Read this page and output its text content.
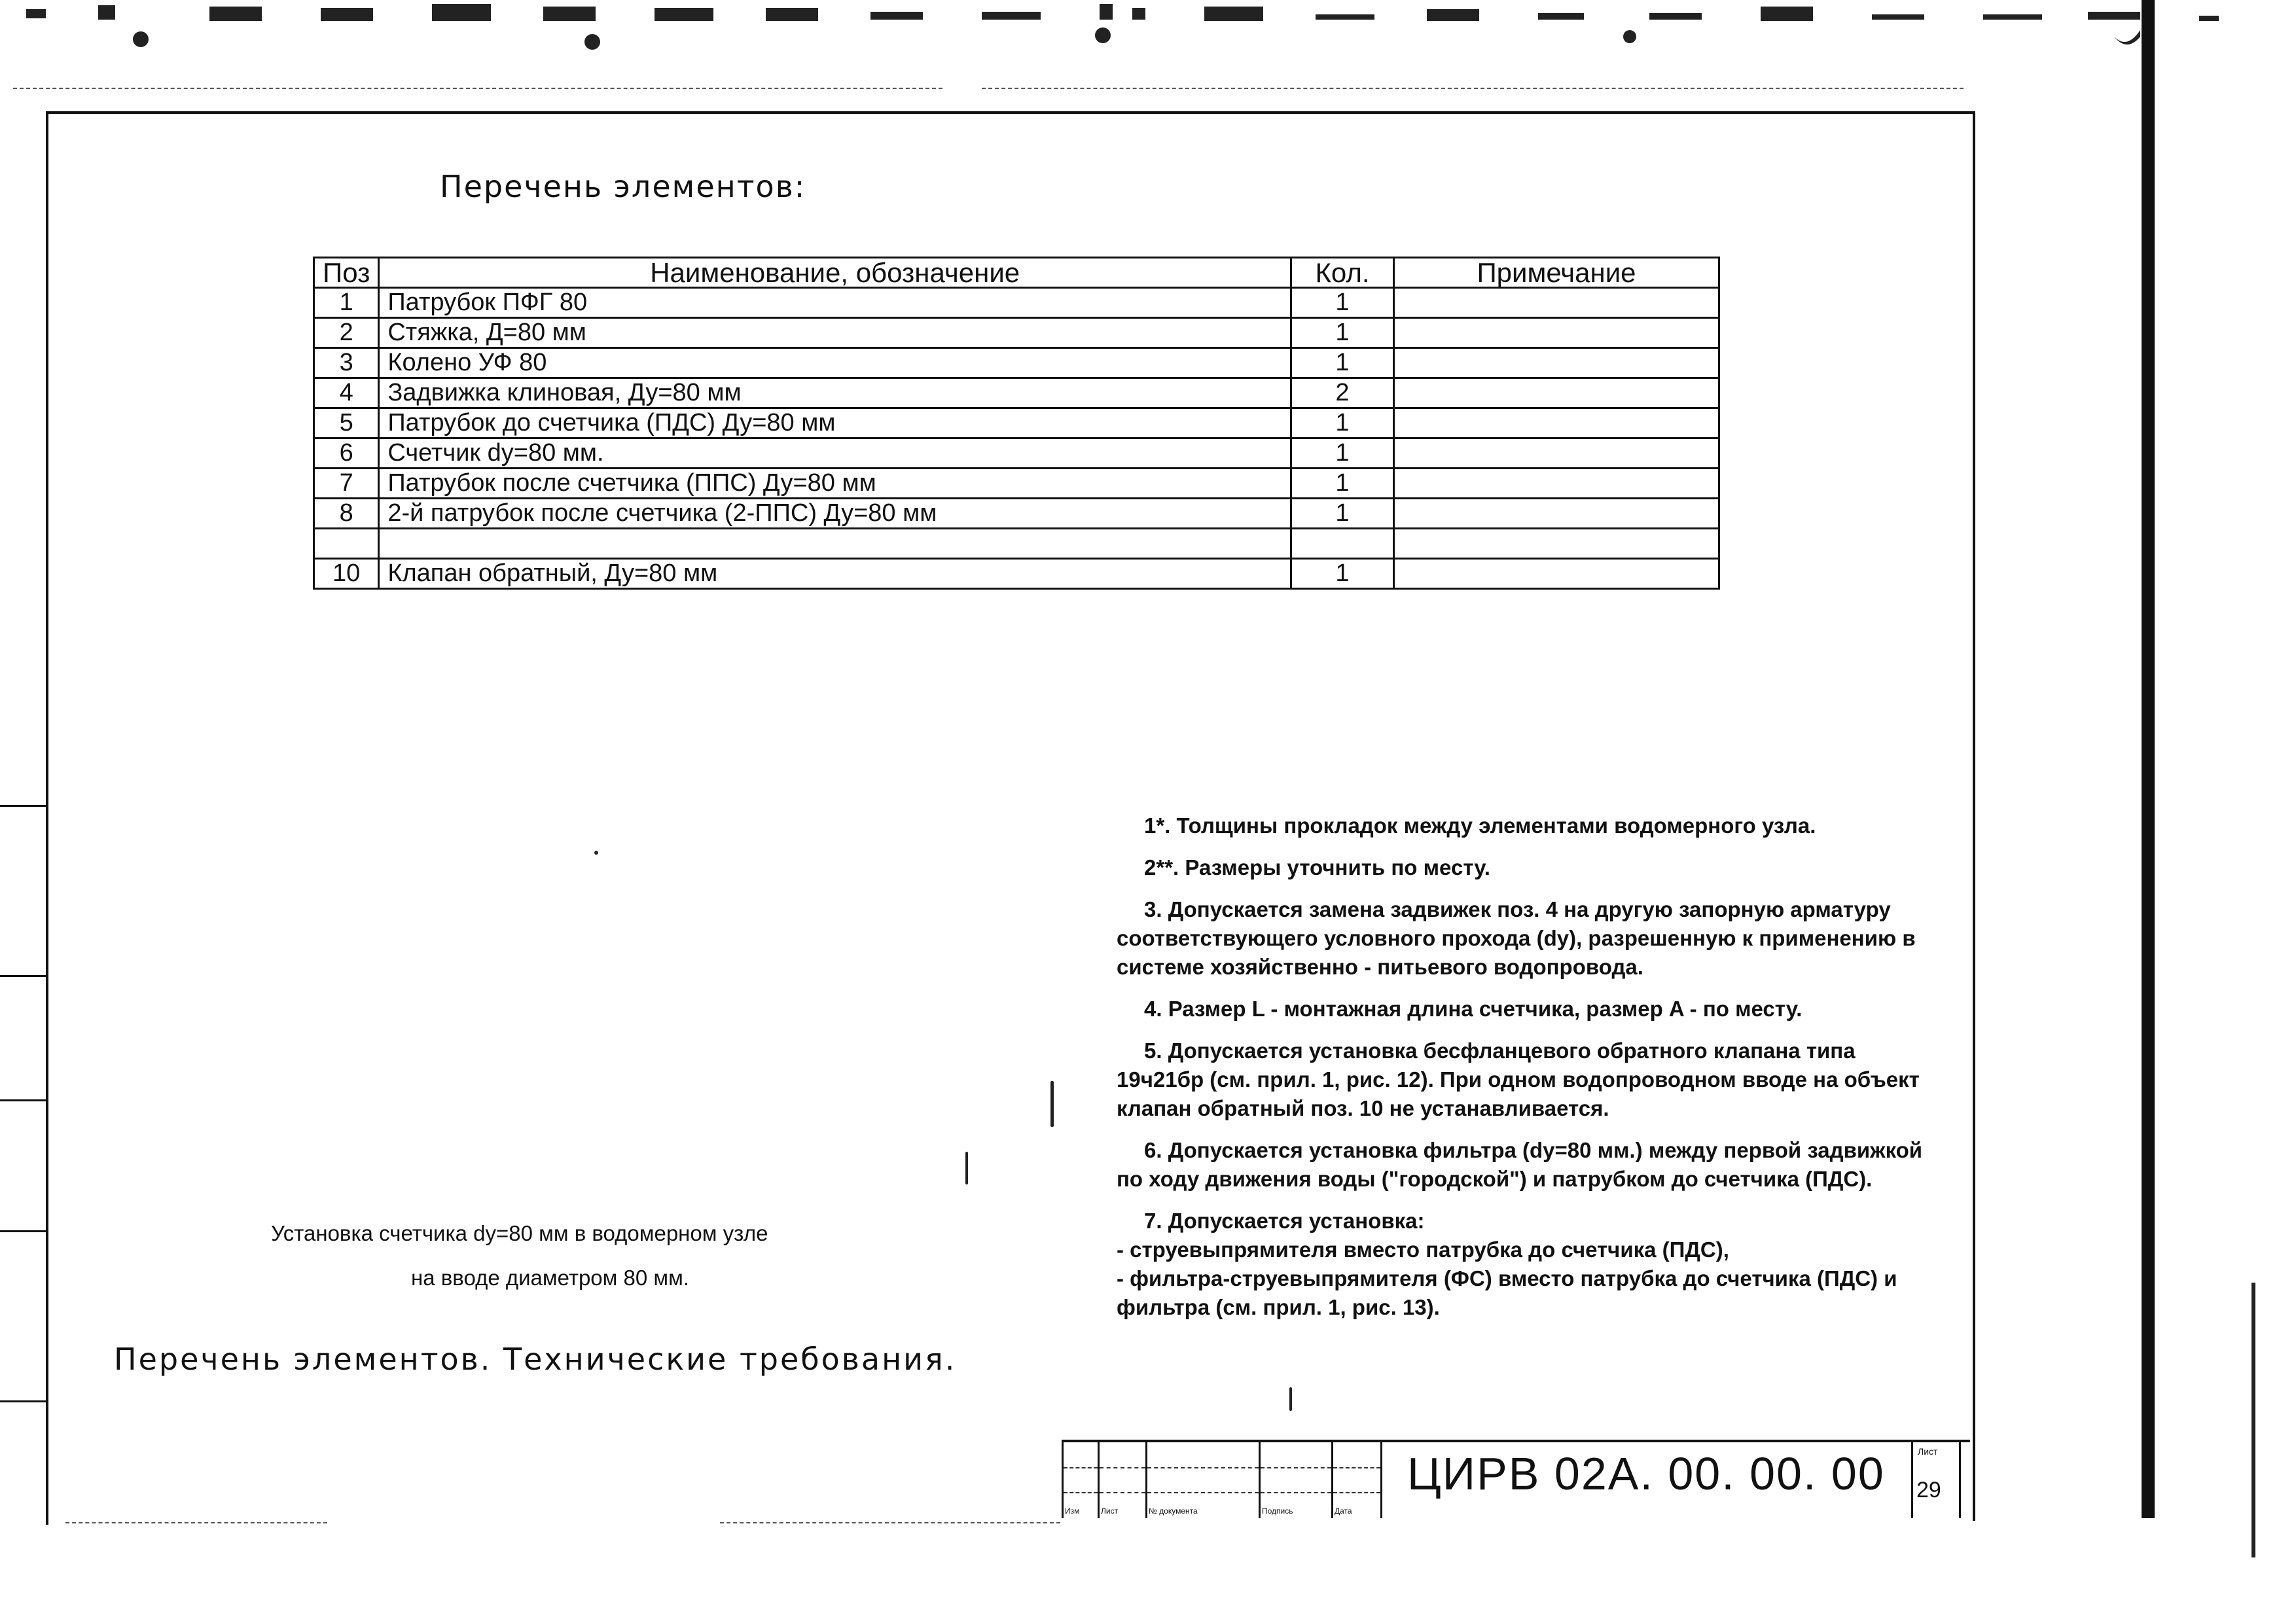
Перечень элементов:
Поз	Наименование, обозначение	Кол.	Примечание
1	Патрубок ПФГ 80	1	
2	Стяжка, Д=80 мм	1	
3	Колено УФ 80	1	
4	Задвижка клиновая, Ду=80 мм	2	
5	Патрубок до счетчика (ПДС) Ду=80 мм	1	
6	Счетчик dy=80 мм.	1	
7	Патрубок после счетчика (ППС) Ду=80 мм	1	
8	2-й патрубок после счетчика (2-ППС) Ду=80 мм	1	

10	Клапан обратный, Ду=80 мм	1	

1*. Толщины прокладок между элементами водомерного узла.

2**. Размеры уточнить по месту.

3. Допускается замена задвижек поз. 4 на другую запорную арматуру соответствующего условного прохода (dy), разрешенную к применению в системе хозяйственно - питьевого водопровода.

4. Размер L - монтажная длина счетчика, размер A - по месту.

5. Допускается установка бесфланцевого обратного клапана типа 19ч21бр (см. прил. 1, рис. 12). При одном водопроводном вводе на объект клапан обратный поз. 10 не устанавливается.

6. Допускается установка фильтра (dy=80 мм.) между первой задвижкой по ходу движения воды ("городской") и патрубком до счетчика (ПДС).

7. Допускается установка:

- струевыпрямителя вместо патрубка до счетчика (ПДС),

- фильтра-струевыпрямителя (ФС) вместо патрубка до счетчика (ПДС) и фильтра (см. прил. 1, рис. 13).

Установка счетчика dy=80 мм в водомерном узле
на вводе диаметром 80 мм.
Перечень элементов. Технические требования.
Изм	Лист	№ документа	Подпись	Дата
ЦИРВ 02А. 00. 00. 00	Лист
29
